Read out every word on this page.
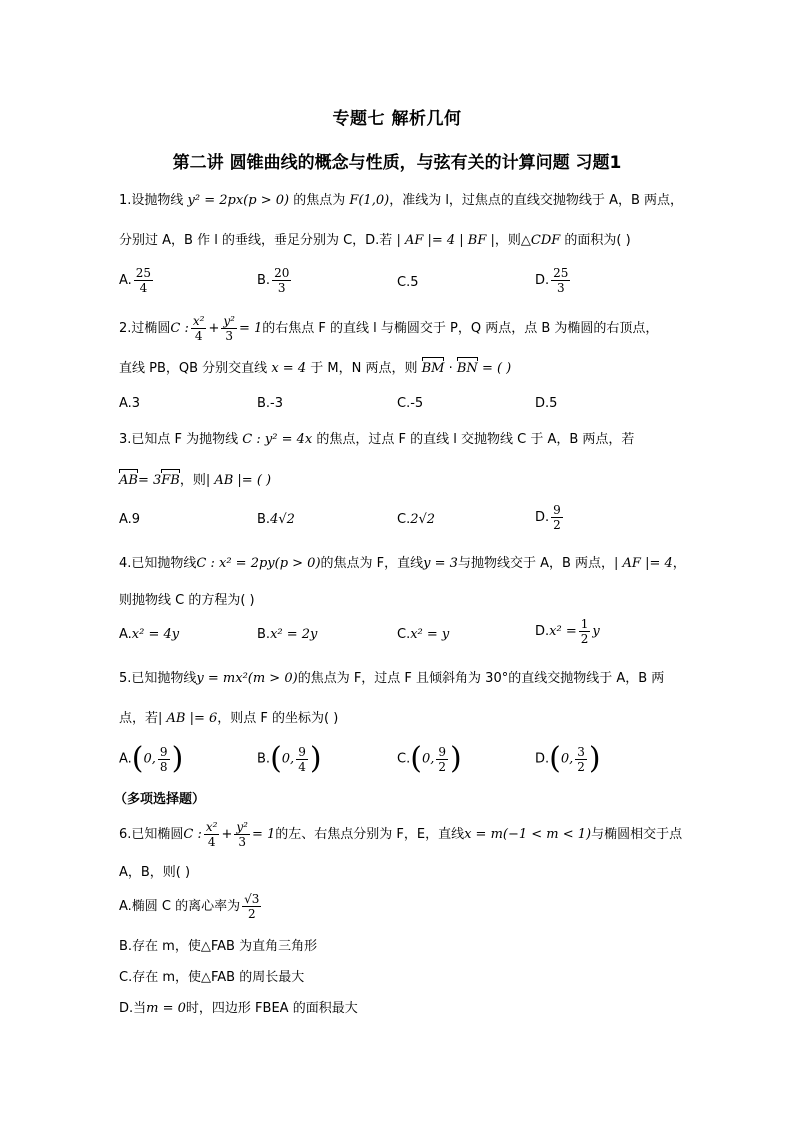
专题七 解析几何
第二讲 圆锥曲线的概念与性质，与弦有关的计算问题 习题1
1.设抛物线 y² = 2px(p > 0) 的焦点为 F(1,0)，准线为 l，过焦点的直线交抛物线于 A，B 两点，
分别过 A，B 作 l 的垂线，垂足分别为 C，D.若 | AF |= 4 | BF |，则△CDF 的面积为( )
A. $\frac{25}{4}$	B. $\frac{20}{3}$	C.5	D. $\frac{25}{3}$
2.过椭圆C : $\frac{\text{x²}}{4} + \frac{\text{y²}}{3} = 1$的右焦点 F 的直线 l 与椭圆交于 P，Q 两点，点 B 为椭圆的右顶点，
直线 PB，QB 分别交直线 x = 4 于 M，N 两点，则 BM · BN = ( )
A.3	B.-3	C.-5	D.5
3.已知点 F 为抛物线 C : y² = 4x 的焦点，过点 F 的直线 l 交抛物线 C 于 A，B 两点，若
AB= 3FB，则| AB |= ( )
A.9	B.4√2	C.2√2	D. $\frac{9}{2}$
4.已知抛物线C : x² = 2py(p > 0)的焦点为 F，直线y = 3与抛物线交于 A，B 两点，| AF |= 4，
则抛物线 C 的方程为( )
A.x² = 4y	B.x² = 2y	C.x² = y	$D.x^2 = \frac{1}{2}$ y
5.已知抛物线y = mx²(m > 0)的焦点为 F，过点 F 且倾斜角为 30°的直线交抛物线于 A，B 两
点，若| AB |= 6，则点 F 的坐标为( )
A.(0, $\frac{9}{8}$ )	B.(0, $\frac{9}{4}$ )	C.(0, $\frac{9}{2}$ )	D.(0, $\frac{3}{2}$ )
（多项选择题）
6.已知椭圆C : $\frac{\text{x²}}{4} + \frac{\text{y²}}{3} = 1$的左、右焦点分别为 F，E，直线x = m(−1 < m < 1)与椭圆相交于点
A，B，则( )
A.椭圆 C 的离心率为 $\frac{√3}{2}$
B.存在 m，使△FAB 为直角三角形
C.存在 m，使△FAB 的周长最大
D.当m = 0时，四边形 FBEA 的面积最大
